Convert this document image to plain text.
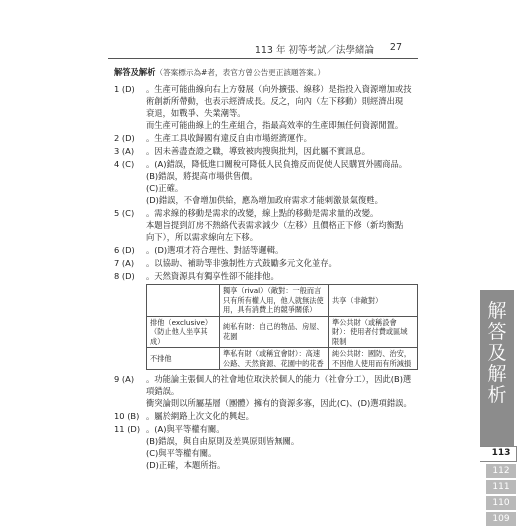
113 年 初等考試／法學緒論 27
解答及解析（答案標示為#者，表官方曾公告更正該題答案。）
1 (D)	。生產可能曲線向右上方發展（向外擴張、線移）是指投入資源增加或技
術創新所帶動，也表示經濟成長。反之，向內（左下移動）則經濟出現
衰退，如戰爭、失業潮等。
而生產可能曲線上的生產組合，指最高效率的生產即無任何資源閒置。
2 (D)	。生產工具收歸國有違反自由市場經濟運作。
3 (A)	。因未善盡查證之職，導致被肉搜與批判，因此屬不實訊息。
4 (C)	。(A)錯誤，降低進口關稅可降低人民負擔反而促使人民購買外國商品。
(B)錯誤，將提高市場供售價。
(C)正確。
(D)錯誤，不會增加供給，應為增加政府需求才能刺激景氣復甦。
5 (C)	。需求線的移動是需求的改變，線上點的移動是需求量的改變。
本題旨提到訂房不熱絡代表需求減少（左移）且價格正下修（新均衡點
向下），所以需求線向左下移。
6 (D)	。(D)選項才符合理性、對話等邏輯。
7 (A)	。以協助、補助等非強制性方式鼓勵多元文化並存。
8 (D)	。天然資源具有獨享性卻不能排他。
	獨享（rival）（敵對：一般而言只有所有權人用，他人就無法使用，具有消費上的競爭關係）	共享（非敵對）
排他（exclusive）（防止他人坐享其成）	純私有財：自己的物品、房屋、花園	準公共財（或稱設會財）：使用者付費或區域限制
不排他	準私有財（或稱宜會財）：高速公路、天然資源、花園中的花香	純公共財：國防、治安，不因他人使用而有所減損
9 (A)	。功能論主張個人的社會地位取決於個人的能力（社會分工），因此(B)選
項錯誤。
衝突論則以所屬基層（團體）擁有的資源多寡，因此(C)、(D)選項錯誤。
10 (B) 。屬於網路上次文化的興起。
11 (D) 。(A)與平等權有關。
(B)錯誤，與自由原則及差異原則皆無關。
(C)與平等權有關。
(D)正確，本題所指。
解
答
及
解
析
113
112
111
110
109
